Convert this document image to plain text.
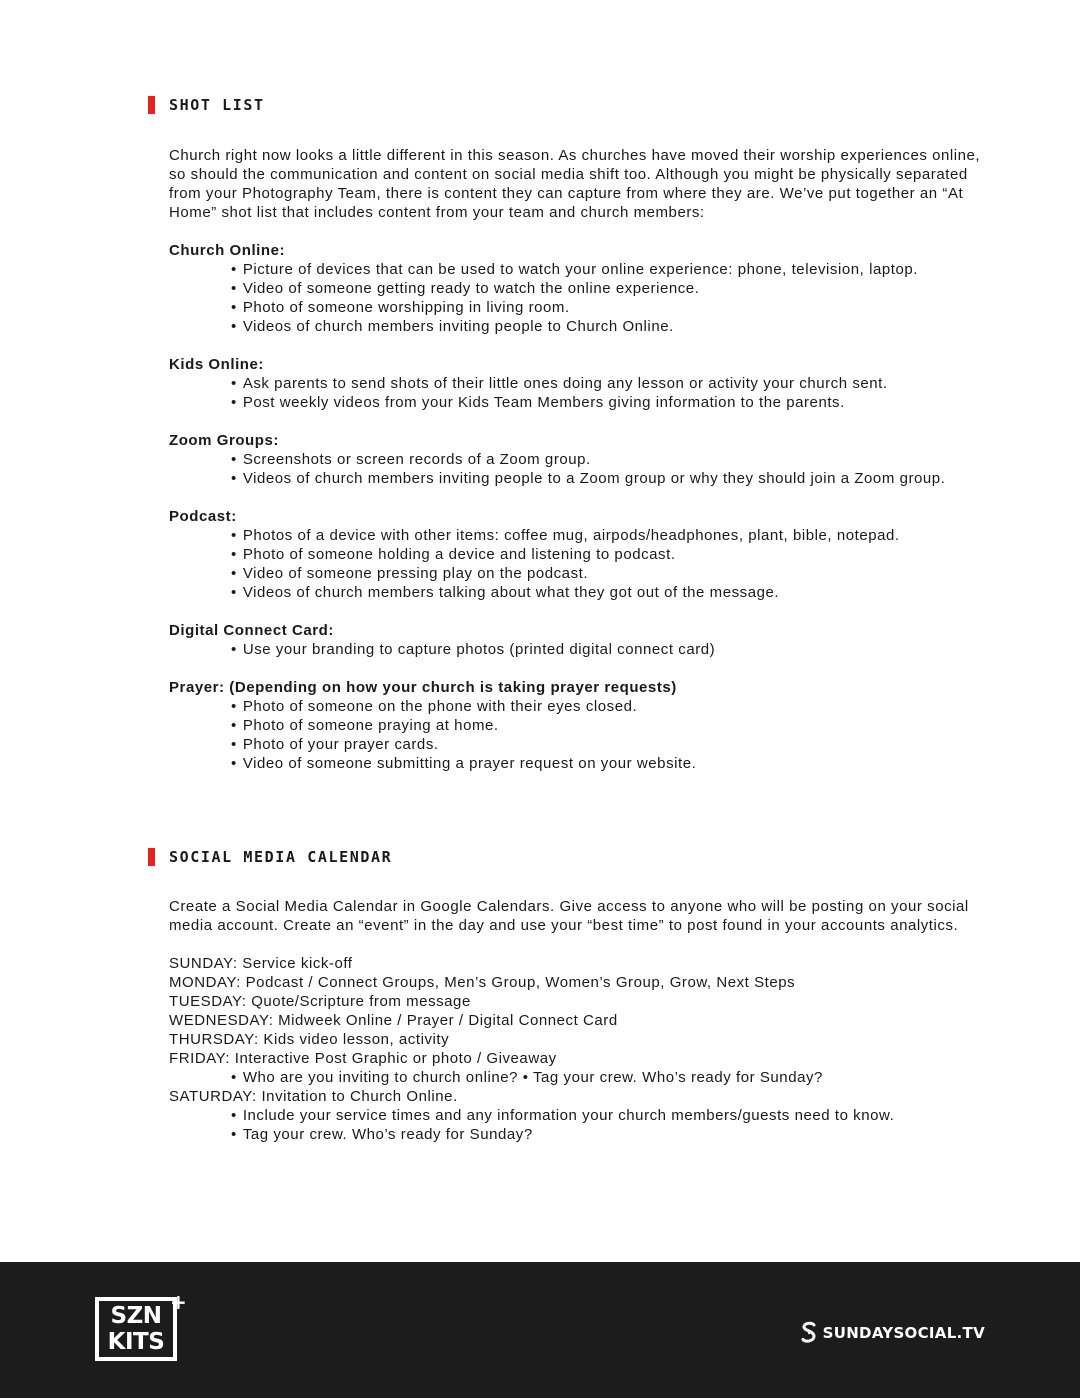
SHOT LIST

Church right now looks a little different in this season. As churches have moved their worship experiences online, so should the communication and content on social media shift too. Although you might be physically separated from your Photography Team, there is content they can capture from where they are. We’ve put together an “At Home” shot list that includes content from your team and church members:

Church Online:
• Picture of devices that can be used to watch your online experience: phone, television, laptop.
• Video of someone getting ready to watch the online experience.
• Photo of someone worshipping in living room.
• Videos of church members inviting people to Church Online.
Kids Online:
• Ask parents to send shots of their little ones doing any lesson or activity your church sent.
• Post weekly videos from your Kids Team Members giving information to the parents.
Zoom Groups:
• Screenshots or screen records of a Zoom group.
• Videos of church members inviting people to a Zoom group or why they should join a Zoom group.
Podcast:
• Photos of a device with other items: coffee mug, airpods/headphones, plant, bible, notepad.
• Photo of someone holding a device and listening to podcast.
• Video of someone pressing play on the podcast.
• Videos of church members talking about what they got out of the message.
Digital Connect Card:
• Use your branding to capture photos (printed digital connect card)
Prayer: (Depending on how your church is taking prayer requests)
• Photo of someone on the phone with their eyes closed.
• Photo of someone praying at home.
• Photo of your prayer cards.
• Video of someone submitting a prayer request on your website.
SOCIAL MEDIA CALENDAR

Create a Social Media Calendar in Google Calendars. Give access to anyone who will be posting on your social media account. Create an “event” in the day and use your “best time” to post found in your accounts analytics.

SUNDAY: Service kick-off
MONDAY: Podcast / Connect Groups, Men’s Group, Women’s Group, Grow, Next Steps
TUESDAY: Quote/Scripture from message
WEDNESDAY: Midweek Online / Prayer / Digital Connect Card
THURSDAY: Kids video lesson, activity
FRIDAY: Interactive Post Graphic or photo / Giveaway
• Who are you inviting to church online? • Tag your crew. Who’s ready for Sunday?
SATURDAY: Invitation to Church Online.
• Include your service times and any information your church members/guests need to know.
• Tag your crew. Who’s ready for Sunday?
SZN
KITS
+
SUNDAYSOCIAL.TV
